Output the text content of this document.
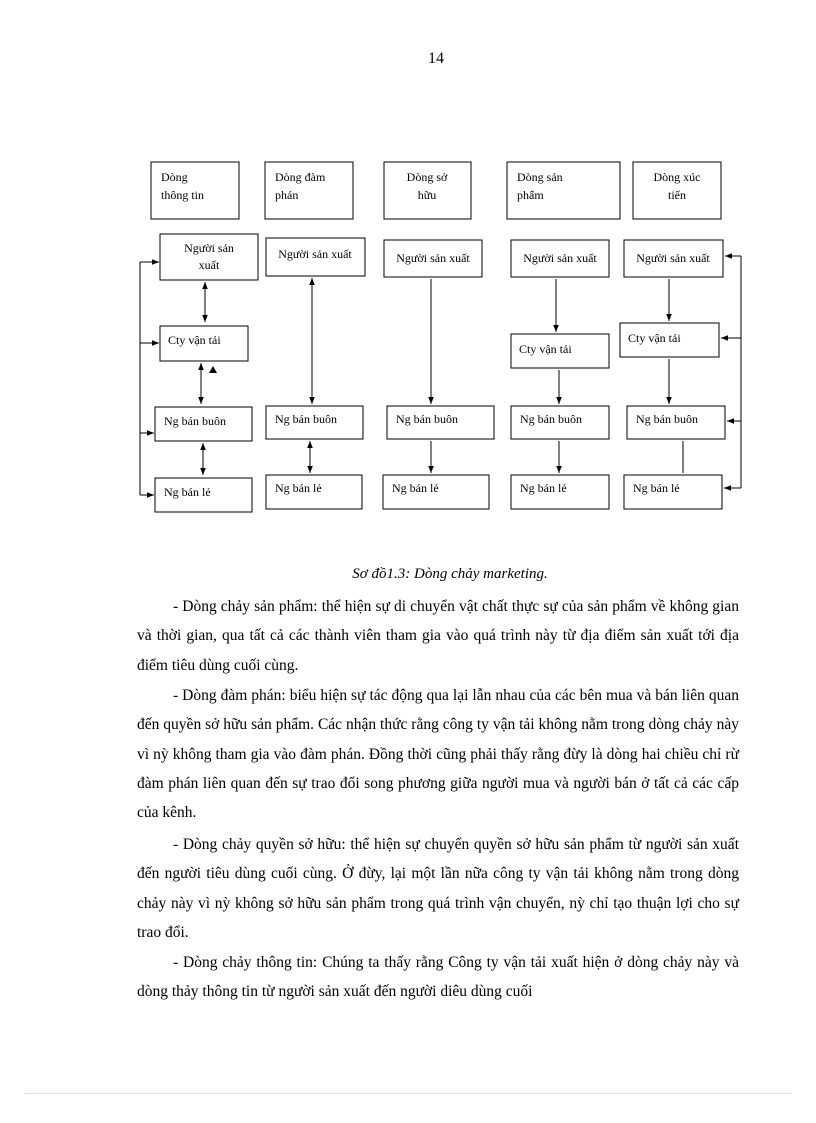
14
Dòng
thông tin
Dòng đàm
phán
Dòng sở
hữu
Dòng sản
phẩm
Dòng xúc
tiến
Người sản
xuất
Cty vận tải
Ng bán buôn
Ng bán lẻ
Người sản xuất
Ng bán buôn
Ng bán lẻ
Người sản xuất
Ng bán buôn
Ng bán lẻ
Người sản xuất
Cty vận tải
Ng bán buôn
Ng bán lẻ
Người sản xuất
Cty vận tải
Ng bán buôn
Ng bán lẻ
Sơ đồ1.3: Dòng chảy marketing.

- Dòng chảy sản phẩm: thể hiện sự di chuyển vật chất thực sự của sản phẩm về không gian và thời gian, qua tất cả các thành viên tham gia vào quá trình này từ địa điểm sản xuất tới địa điểm tiêu dùng cuối cùng.

- Dòng đàm phán: biểu hiện sự tác động qua lại lẫn nhau của các bên mua và bán liên quan đến quyền sở hữu sản phẩm. Các nhận thức rằng công ty vận tải không nằm trong dòng chảy này vì nỳ không tham gia vào đàm phán. Đồng thời cũng phải thấy rằng đừy là dòng hai chiều chỉ rừ đàm phán liên quan đến sự trao đổi song phương giữa người mua và người bán ở tất cả các cấp của kênh.

- Dòng chảy quyền sở hữu: thể hiện sự chuyển quyền sở hữu sản phẩm từ người sản xuất đến người tiêu dùng cuối cùng. Ở đừy, lại một lần nữa công ty vận tải không nằm trong dòng chảy này vì nỳ không sở hữu sản phẩm trong quá trình vận chuyển, nỳ chỉ tạo thuận lợi cho sự trao đổi.

- Dòng chảy thông tin: Chúng ta thấy rằng Công ty vận tải xuất hiện ở dòng chảy này và dòng thảy thông tin từ người sản xuất đến người diêu dùng cuối
